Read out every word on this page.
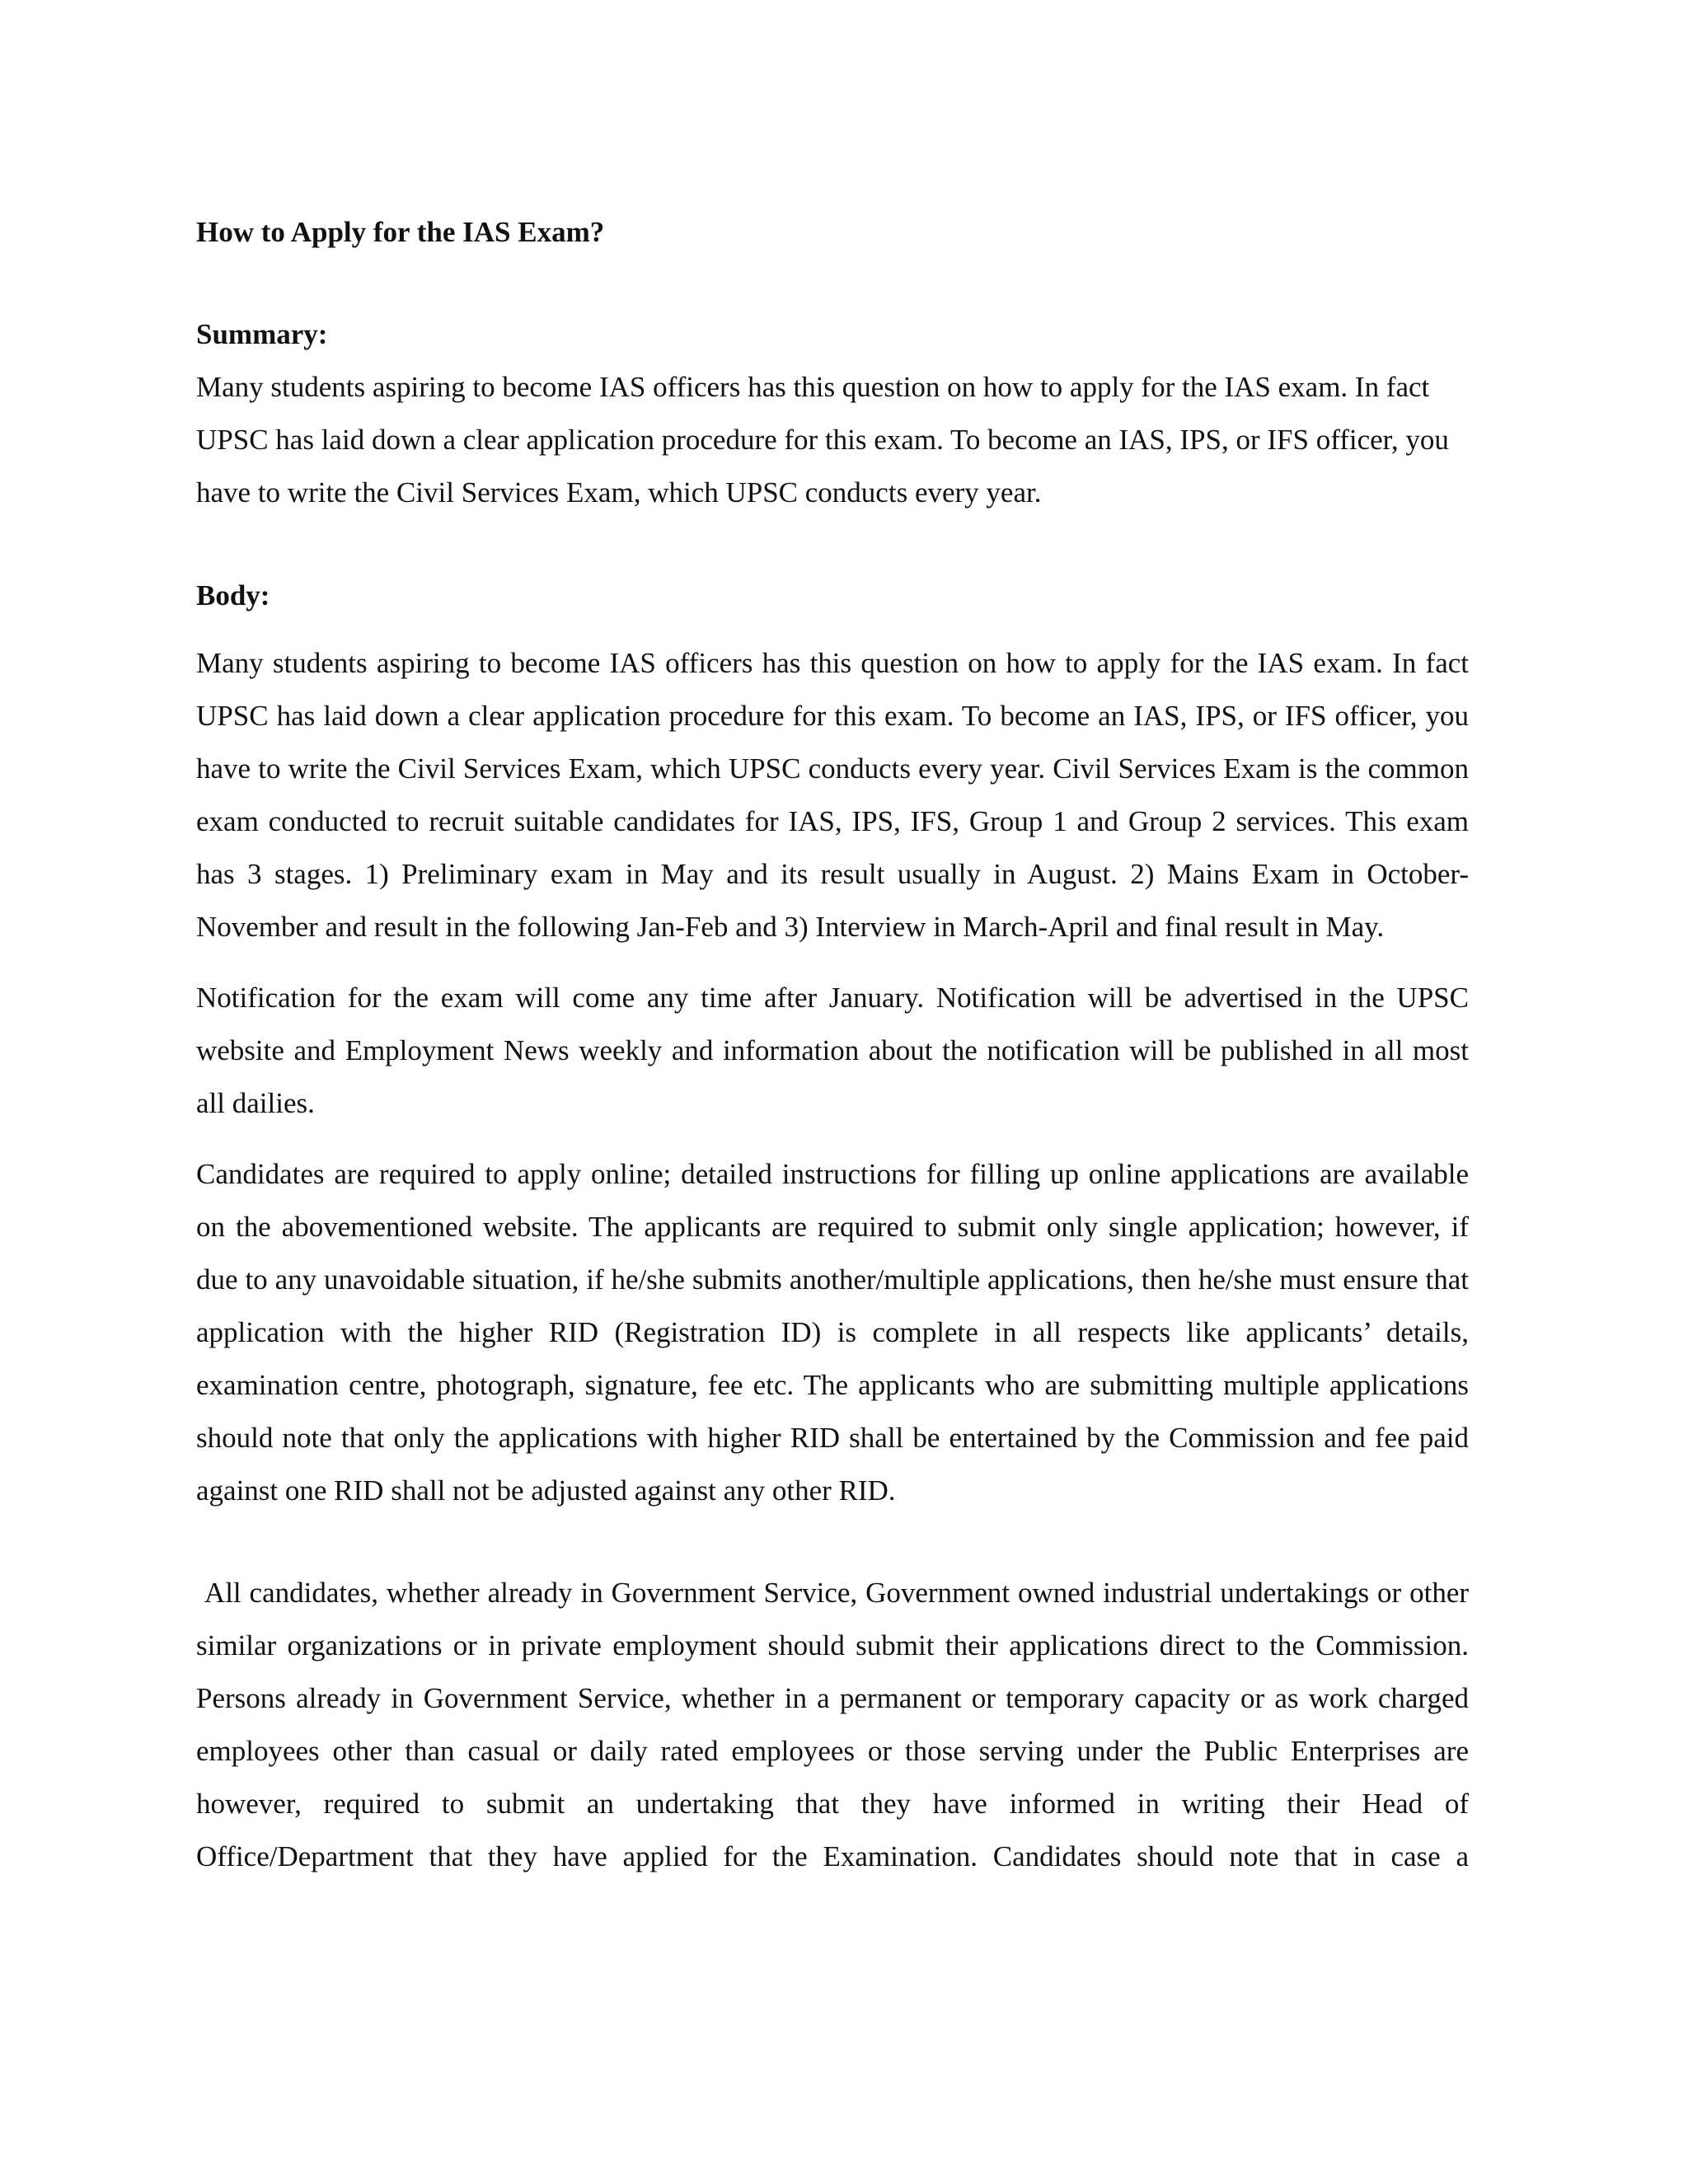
How to Apply for the IAS Exam?
Summary:

Many students aspiring to become IAS officers has this question on how to apply for the IAS exam. In fact UPSC has laid down a clear application procedure for this exam. To become an IAS, IPS, or IFS officer, you have to write the Civil Services Exam, which UPSC conducts every year.

Body:

Many students aspiring to become IAS officers has this question on how to apply for the IAS exam. In fact UPSC has laid down a clear application procedure for this exam. To become an IAS, IPS, or IFS officer, you have to write the Civil Services Exam, which UPSC conducts every year. Civil Services Exam is the common exam conducted to recruit suitable candidates for IAS, IPS, IFS, Group 1 and Group 2 services. This exam has 3 stages. 1) Preliminary exam in May and its result usually in August. 2) Mains Exam in October-November and result in the following Jan-Feb and 3) Interview in March-April and final result in May.

Notification for the exam will come any time after January. Notification will be advertised in the UPSC website and Employment News weekly and information about the notification will be published in all most all dailies.

Candidates are required to apply online; detailed instructions for filling up online applications are available on the abovementioned website. The applicants are required to submit only single application; however, if due to any unavoidable situation, if he/she submits another/multiple applications, then he/she must ensure that application with the higher RID (Registration ID) is complete in all respects like applicants’ details, examination centre, photograph, signature, fee etc. The applicants who are submitting multiple applications should note that only the applications with higher RID shall be entertained by the Commission and fee paid against one RID shall not be adjusted against any other RID.

All candidates, whether already in Government Service, Government owned industrial undertakings or other similar organizations or in private employment should submit their applications direct to the Commission. Persons already in Government Service, whether in a permanent or temporary capacity or as work charged employees other than casual or daily rated employees or those serving under the Public Enterprises are however, required to submit an undertaking that they have informed in writing their Head of Office/Department that they have applied for the Examination. Candidates should note that in case a
